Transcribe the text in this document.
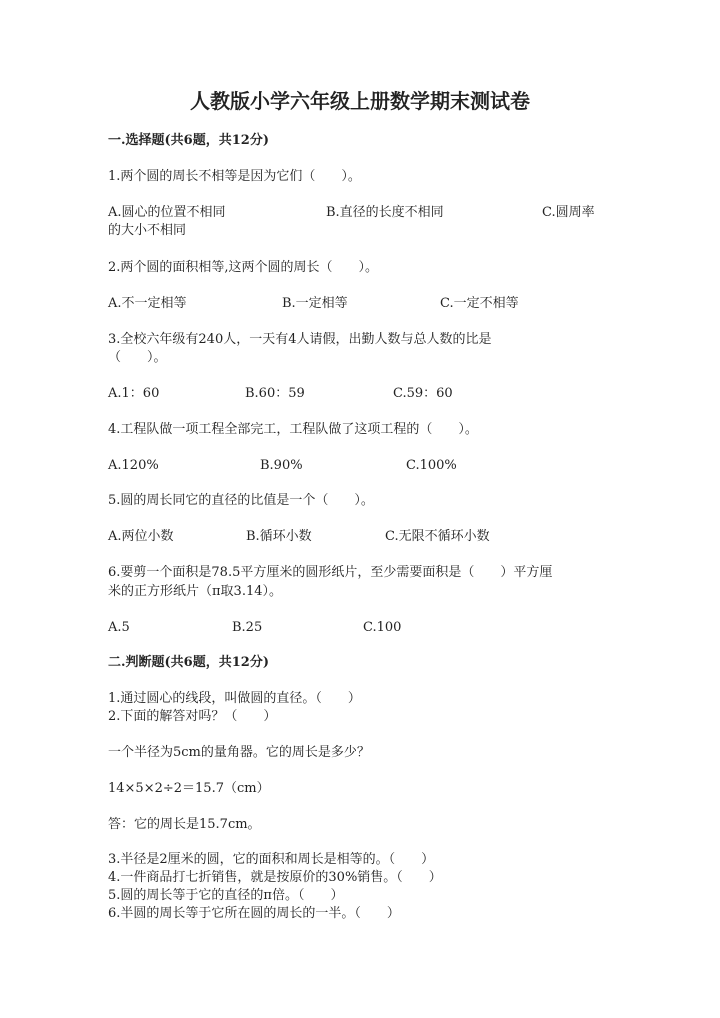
人教版小学六年级上册数学期末测试卷
一.选择题(共6题，共12分)
1.两个圆的周长不相等是因为它们（　　）。
A.圆心的位置不相同	B.直径的长度不相同	C.圆周率
的大小不相同
2.两个圆的面积相等,这两个圆的周长（　　）。
A.不一定相等	B.一定相等	C.一定不相等
3.全校六年级有240人，一天有4人请假，出勤人数与总人数的比是
（　　）。
A.1：60	B.60：59	C.59：60
4.工程队做一项工程全部完工，工程队做了这项工程的（　　）。
A.120%	B.90%	C.100%
5.圆的周长同它的直径的比值是一个（　　）。
A.两位小数	B.循环小数	C.无限不循环小数
6.要剪一个面积是78.5平方厘米的圆形纸片，至少需要面积是（　　）平方厘
米的正方形纸片（π取3.14）。
A.5	B.25	C.100
二.判断题(共6题，共12分)
1.通过圆心的线段，叫做圆的直径。（　　）
2.下面的解答对吗？（　　）
一个半径为5cm的量角器。它的周长是多少？
14×5×2÷2＝15.7（cm）
答：它的周长是15.7cm。
3.半径是2厘米的圆，它的面积和周长是相等的。（　　）
4.一件商品打七折销售，就是按原价的30%销售。（　　）
5.圆的周长等于它的直径的π倍。（　　）
6.半圆的周长等于它所在圆的周长的一半。（　　）
